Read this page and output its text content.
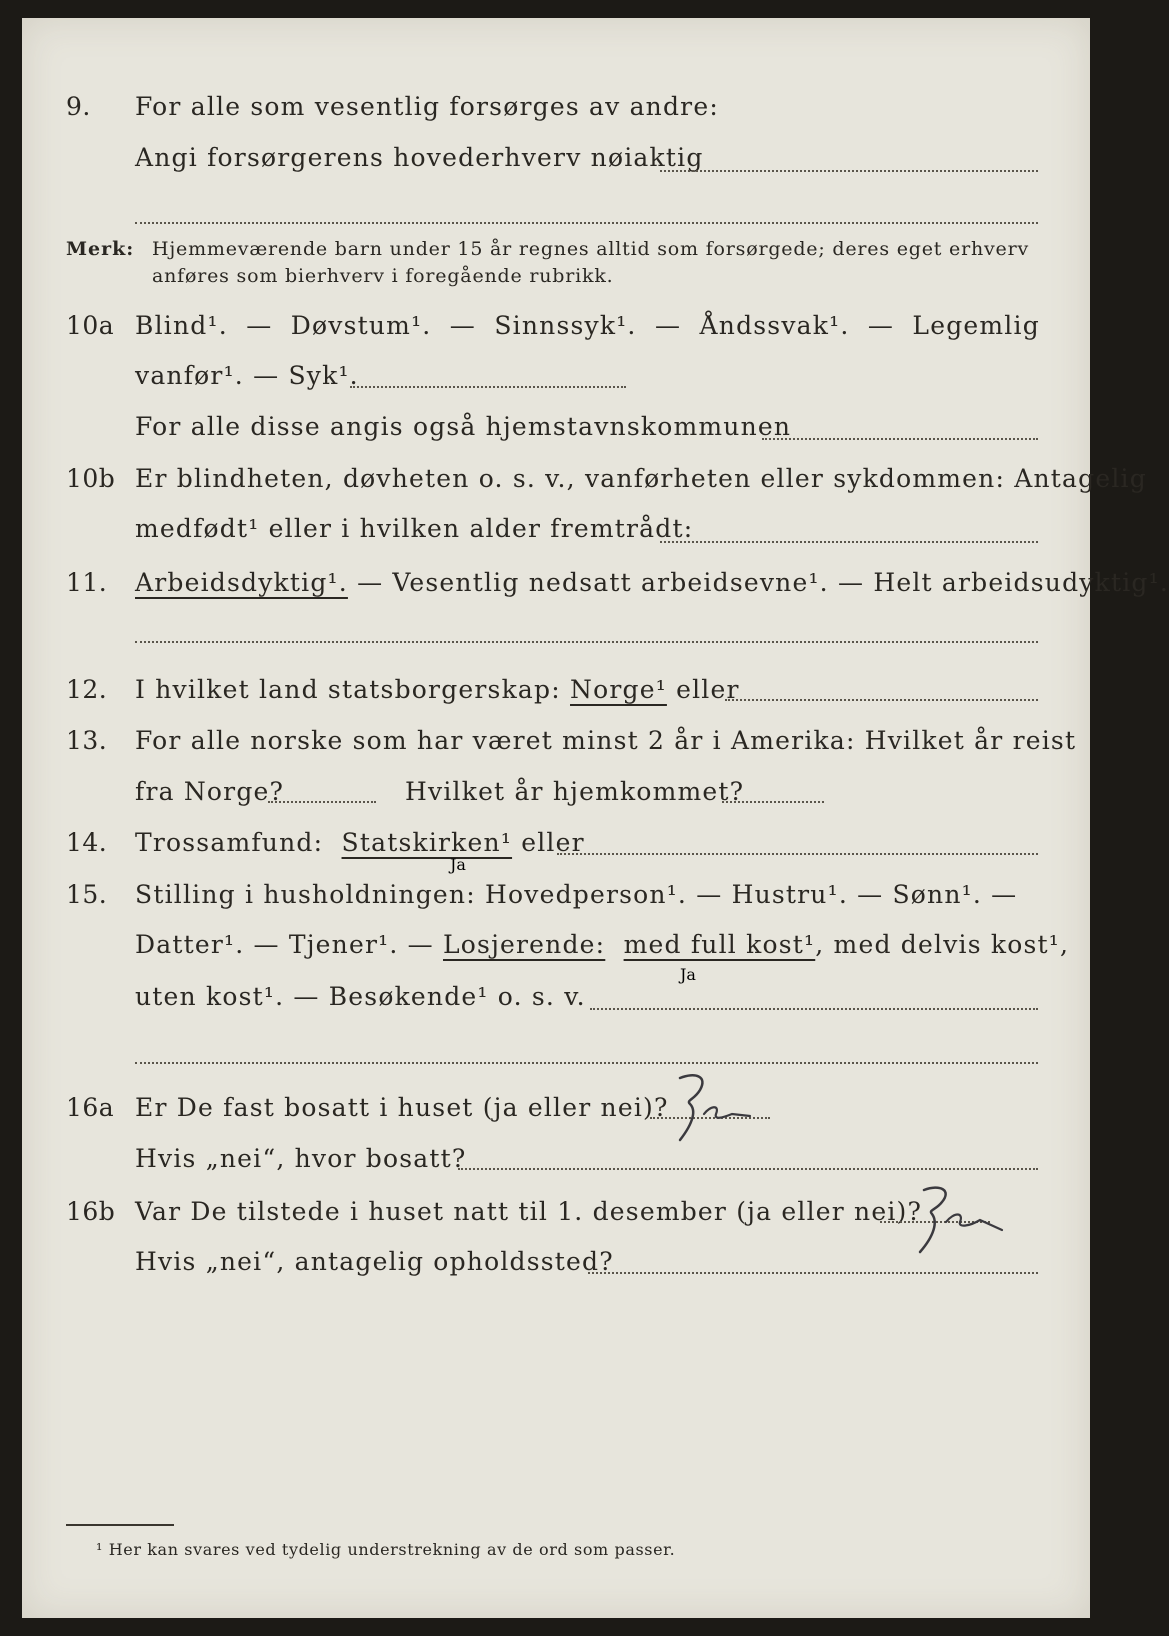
9. For alle som vesentlig forsørges av andre:
Angi forsørgerens hovederhverv nøiaktig
Merk: Hjemmeværende barn under 15 år regnes alltid som forsørgede; deres eget erhverv
anføres som bierhverv i foregående rubrikk.
10a Blind¹. — Døvstum¹. — Sinnssyk¹. — Åndssvak¹. — Legemlig
vanfør¹. — Syk¹.
For alle disse angis også hjemstavnskommunen
10b Er blindheten, døvheten o. s. v., vanførheten eller sykdommen: Antagelig
medfødt¹ eller i hvilken alder fremtrådt:
11. Arbeidsdyktig¹. — Vesentlig nedsatt arbeidsevne¹. — Helt arbeidsudyktig¹.
12. I hvilket land statsborgerskap: Norge¹ eller
13. For alle norske som har været minst 2 år i Amerika: Hvilket år reist
fra Norge?	Hvilket år hjemkommet?
14. Trossamfund: Statskirken¹ eller
15. Stilling i husholdningen: Hovedperson¹. — Hustru¹. — Sønn¹. —
Datter¹. — Tjener¹. — Losjerende: med full kost¹, med delvis kost¹,
uten kost¹. — Besøkende¹ o. s. v.
16a Er De fast bosatt i huset (ja eller nei)?
Ja
Hvis „nei“, hvor bosatt?
16b Var De tilstede i huset natt til 1. desember (ja eller nei)?
Ja
Hvis „nei“, antagelig opholdssted?
¹ Her kan svares ved tydelig understrekning av de ord som passer.
